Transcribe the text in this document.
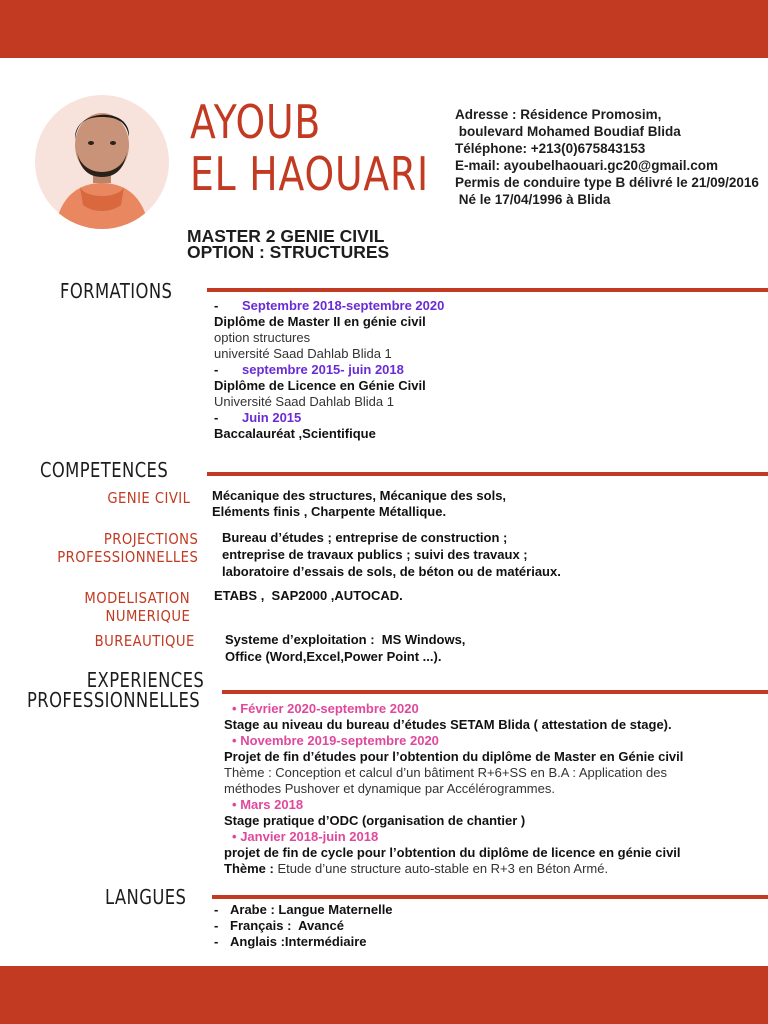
AYOUB
EL HAOUARI
MASTER 2 GENIE CIVIL
OPTION : STRUCTURES
Adresse : Résidence Promosim,
boulevard Mohamed Boudiaf Blida
Téléphone: +213(0)675843153
E-mail: ayoubelhaouari.gc20@gmail.com
Permis de conduire type B délivré le 21/09/2016
Né le 17/04/1996 à Blida
FORMATIONS
- Septembre 2018-septembre 2020
Diplôme de Master II en génie civil
option structures
université Saad Dahlab Blida 1
- septembre 2015- juin 2018
Diplôme de Licence en Génie Civil
Université Saad Dahlab Blida 1
- Juin 2015
Baccalauréat ,Scientifique
COMPETENCES
GENIE CIVIL Mécanique des structures, Mécanique des sols,
Eléments finis , Charpente Métallique.
PROJECTIONS
PROFESSIONNELLES
Bureau d’études ; entreprise de construction ;
entreprise de travaux publics ; suivi des travaux ;
laboratoire d’essais de sols, de béton ou de matériaux.
MODELISATION
NUMERIQUE
ETABS ,  SAP2000 ,AUTOCAD.
BUREAUTIQUE Systeme d’exploitation :  MS Windows,
Office (Word,Excel,Power Point ...).
EXPERIENCES
PROFESSIONNELLES	• Février 2020-septembre 2020
Stage au niveau du bureau d’études SETAM Blida ( attestation de stage).
• Novembre 2019-septembre 2020
Projet de fin d’études pour l’obtention du diplôme de Master en Génie civil
Thème : Conception et calcul d’un bâtiment R+6+SS en B.A : Application des
méthodes Pushover et dynamique par Accélérogrammes.
• Mars 2018
Stage pratique d’ODC (organisation de chantier )
• Janvier 2018-juin 2018
projet de fin de cycle pour l’obtention du diplôme de licence en génie civil
Thème : Etude d’une structure auto-stable en R+3 en Béton Armé.
LANGUES
- Arabe : Langue Maternelle
- Français :  Avancé
- Anglais :Intermédiaire
